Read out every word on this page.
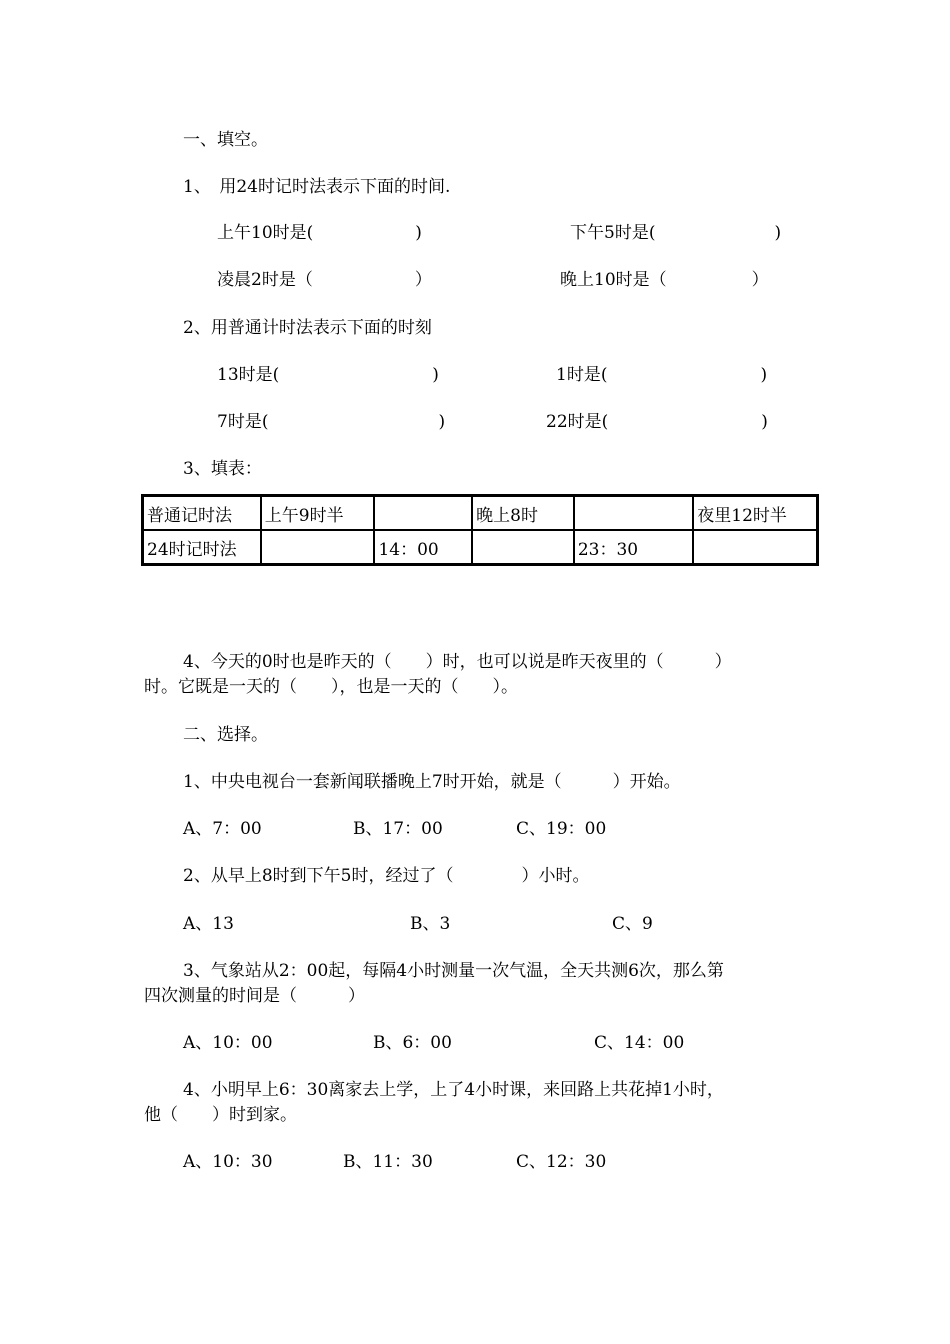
一、填空。
1、　用24时记时法表示下面的时间.
上午10时是(　　　　　　)	下午5时是(　　　　　　　)
凌晨2时是（　　　　　　）	晚上10时是（　　　　　）
2、用普通计时法表示下面的时刻
13时是(　　　　　　　　　)	1时是(　　　　　　　　　)
7时是(　　　　　　　　　　)	22时是(　　　　　　　　　)
3、填表：
普通记时法	上午9时半		晚上8时		夜里12时半
24时记时法		14：00		23：30	
4、今天的0时也是昨天的（　　）时，也可以说是昨天夜里的（　　　）
时。它既是一天的（　　），也是一天的（　　）。
二、选择。
1、中央电视台一套新闻联播晚上7时开始，就是（　　　）开始。
A、7：00	B、17：00	C、19：00
2、从早上8时到下午5时，经过了（　　　　）小时。
A、13	B、3	C、9
3、气象站从2：00起，每隔4小时测量一次气温，全天共测6次，那么第
四次测量的时间是（　　　）
A、10：00	B、6：00	C、14：00
4、小明早上6：30离家去上学，上了4小时课，来回路上共花掉1小时，
他（　　）时到家。
A、10：30	B、11：30	C、12：30
